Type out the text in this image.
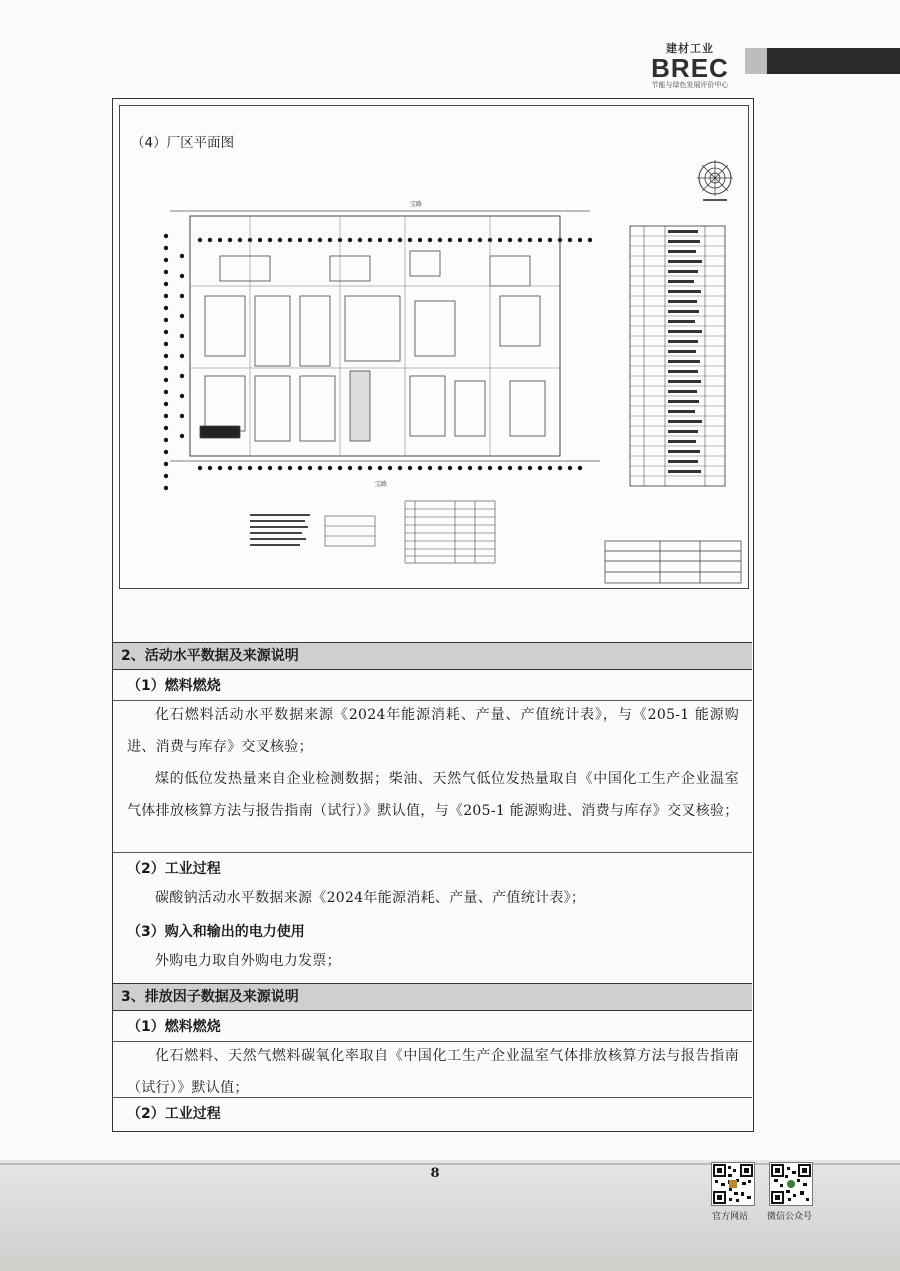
建材工业
BREC
节能与绿色发展评价中心
宝路
宝路
（4）厂区平面图
2、活动水平数据及来源说明
（1）燃料燃烧
化石燃料活动水平数据来源《2024年能源消耗、产量、产值统计表》，与《205-1 能源购进、消费与库存》交叉核验；
煤的低位发热量来自企业检测数据；柴油、天然气低位发热量取自《中国化工生产企业温室气体排放核算方法与报告指南（试行）》默认值，与《205-1 能源购进、消费与库存》交叉核验；
（2）工业过程
碳酸钠活动水平数据来源《2024年能源消耗、产量、产值统计表》；
（3）购入和输出的电力使用
外购电力取自外购电力发票；
3、排放因子数据及来源说明
（1）燃料燃烧
化石燃料、天然气燃料碳氧化率取自《中国化工生产企业温室气体排放核算方法与报告指南（试行）》默认值；
（2）工业过程
8
官方网站 微信公众号
